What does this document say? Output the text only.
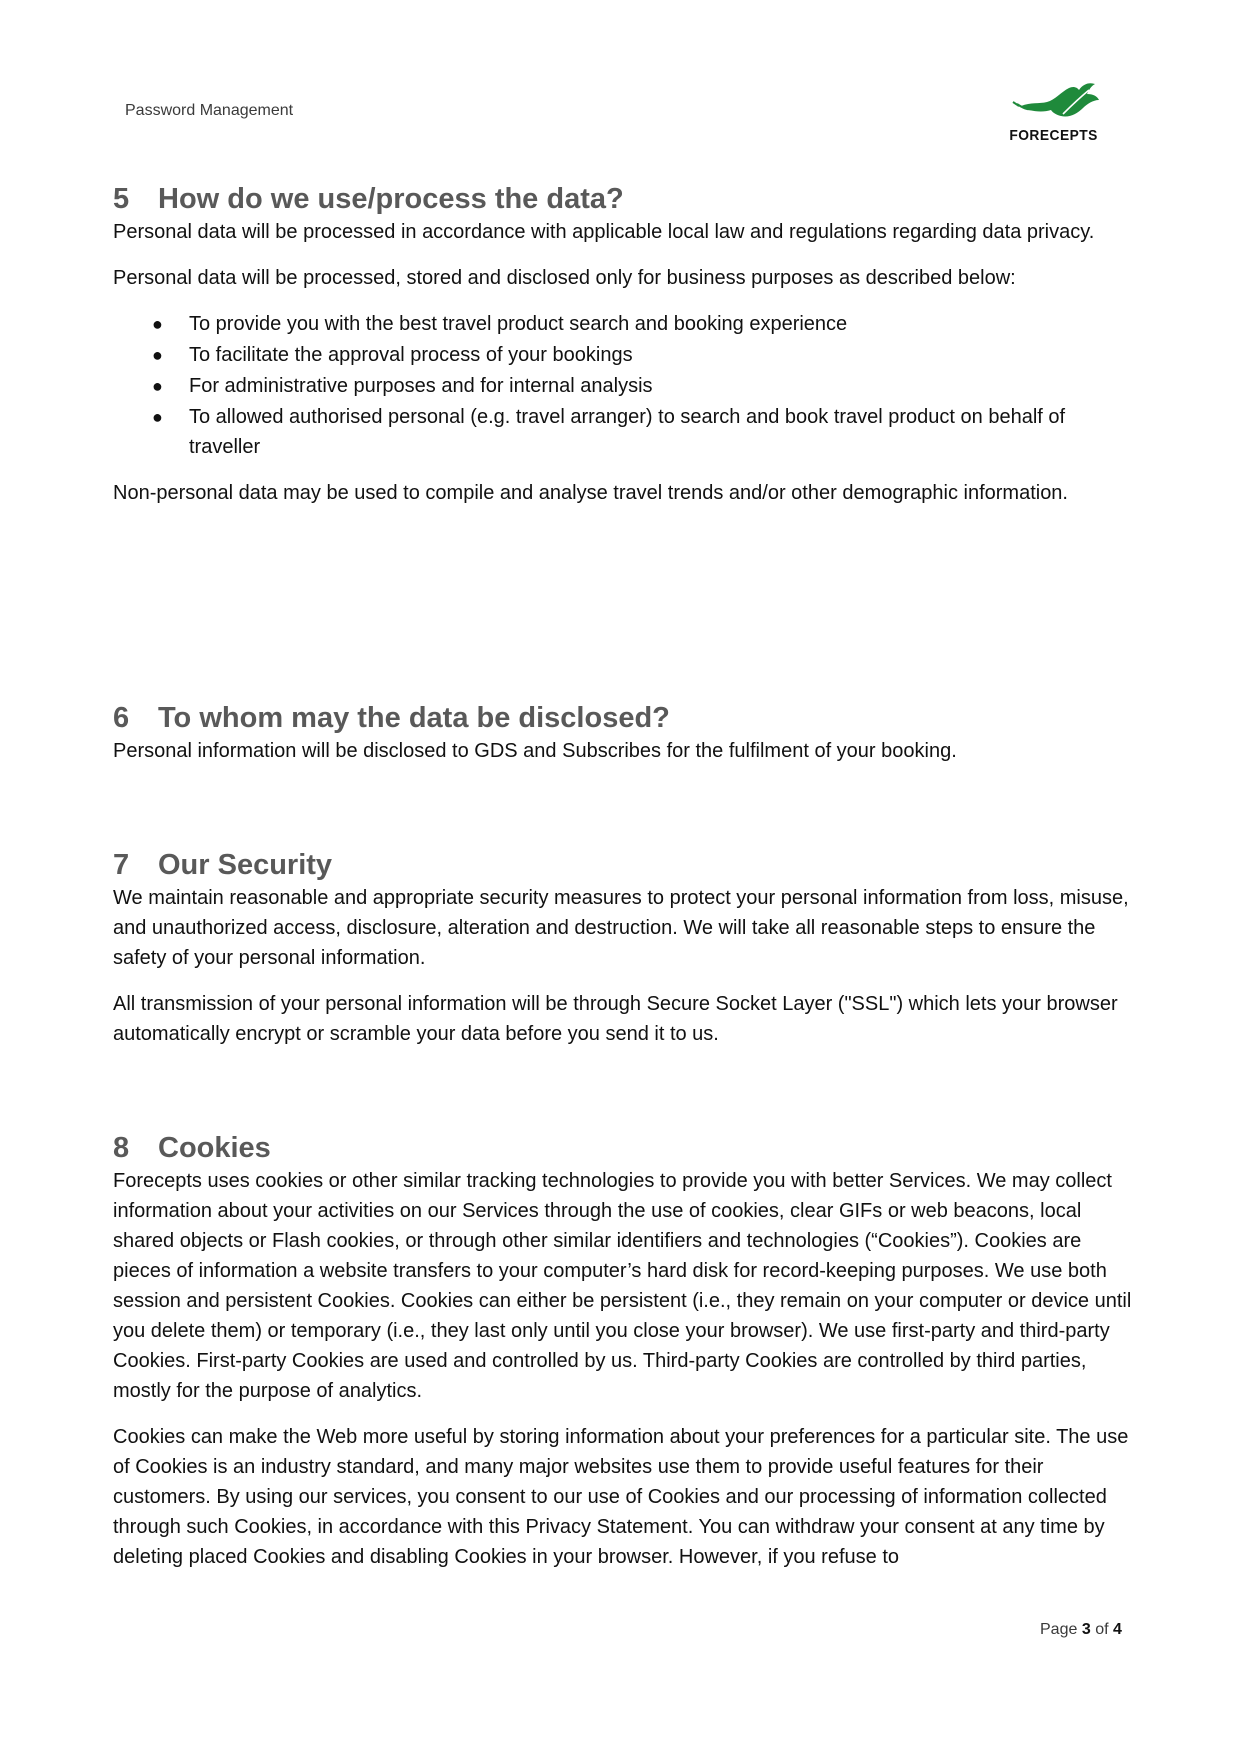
Password Management
FORECEPTS
5 How do we use/process the data?

Personal data will be processed in accordance with applicable local law and regulations regarding data privacy.

Personal data will be processed, stored and disclosed only for business purposes as described below:

● To provide you with the best travel product search and booking experience
● To facilitate the approval process of your bookings
● For administrative purposes and for internal analysis
● To allowed authorised personal (e.g. travel arranger) to search and book travel product on behalf of traveller

Non-personal data may be used to compile and analyse travel trends and/or other demographic information.

6 To whom may the data be disclosed?

Personal information will be disclosed to GDS and Subscribes for the fulfilment of your booking.

7 Our Security

We maintain reasonable and appropriate security measures to protect your personal information from loss, misuse, and unauthorized access, disclosure, alteration and destruction. We will take all reasonable steps to ensure the safety of your personal information.

All transmission of your personal information will be through Secure Socket Layer ("SSL") which lets your browser automatically encrypt or scramble your data before you send it to us.

8 Cookies

Forecepts uses cookies or other similar tracking technologies to provide you with better Services. We may collect information about your activities on our Services through the use of cookies, clear GIFs or web beacons, local shared objects or Flash cookies, or through other similar identifiers and technologies (“Cookies”). Cookies are pieces of information a website transfers to your computer’s hard disk for record-keeping purposes. We use both session and persistent Cookies. Cookies can either be persistent (i.e., they remain on your computer or device until you delete them) or temporary (i.e., they last only until you close your browser). We use first-party and third-party Cookies. First-party Cookies are used and controlled by us. Third-party Cookies are controlled by third parties, mostly for the purpose of analytics.

Cookies can make the Web more useful by storing information about your preferences for a particular site. The use of Cookies is an industry standard, and many major websites use them to provide useful features for their customers. By using our services, you consent to our use of Cookies and our processing of information collected through such Cookies, in accordance with this Privacy Statement. You can withdraw your consent at any time by deleting placed Cookies and disabling Cookies in your browser. However, if you refuse to

Page 3 of 4
